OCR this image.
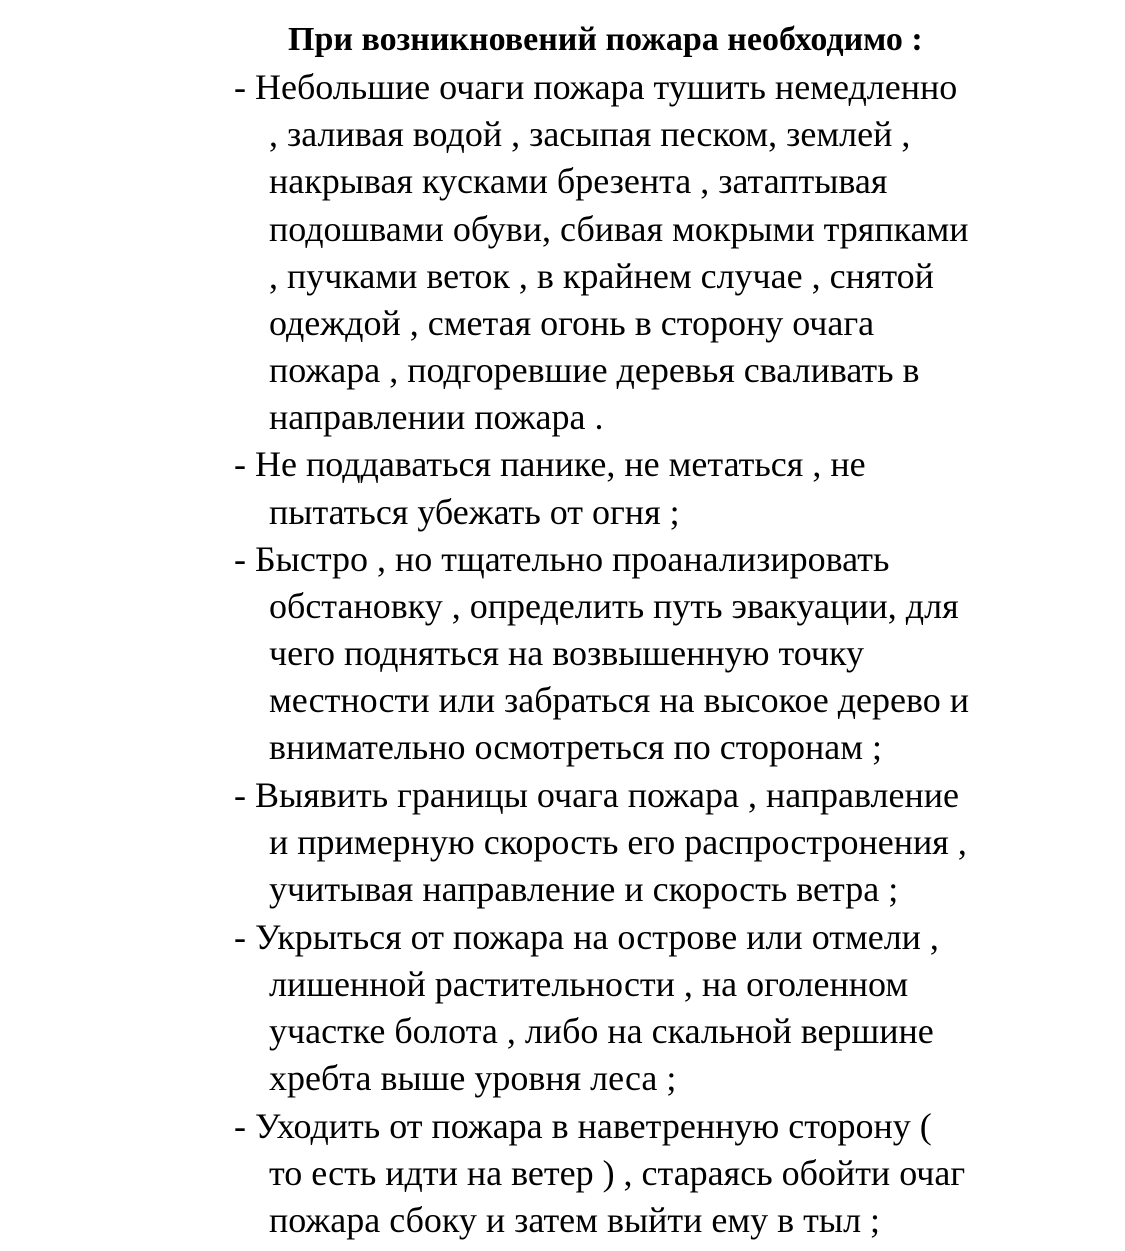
При возникновений пожара необходимо :
- Небольшие очаги пожара тушить немедленно
, заливая водой , засыпая песком, землей ,
накрывая кусками брезента , затаптывая
подошвами обуви, сбивая мокрыми тряпками
, пучками веток , в крайнем случае , снятой
одеждой , сметая огонь в сторону очага
пожара , подгоревшие деревья сваливать в
направлении пожара .
- Не поддаваться панике, не метаться , не
пытаться убежать от огня ;
- Быстро , но тщательно проанализировать
обстановку , определить путь эвакуации, для
чего подняться на возвышенную точку
местности или забраться на высокое дерево и
внимательно осмотреться по сторонам ;
- Выявить границы очага пожара , направление
и примерную скорость его распростронения ,
учитывая направление и скорость ветра ;
- Укрыться от пожара на острове или отмели ,
лишенной растительности , на оголенном
участке болота , либо на скальной вершине
хребта выше уровня леса ;
- Уходить от пожара в наветренную сторону (
то есть идти на ветер ) , стараясь обойти очаг
пожара сбоку и затем выйти ему в тыл ;
